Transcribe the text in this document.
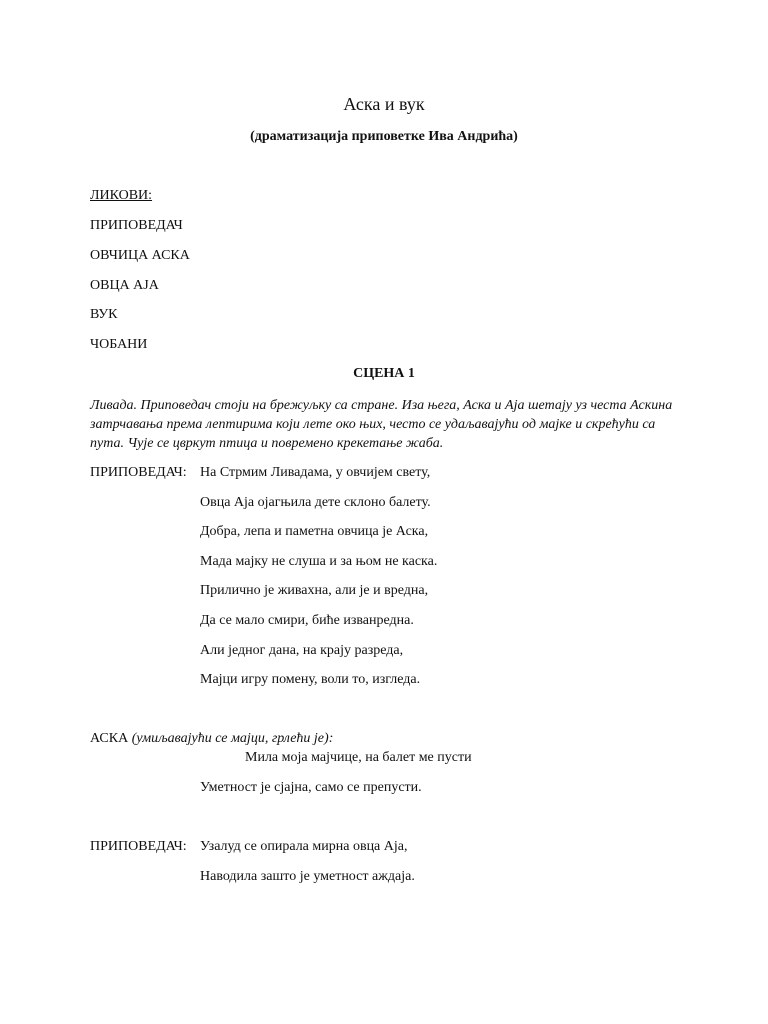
Аска и вук
(драматизација приповетке Ива Андрића)
ЛИКОВИ:
ПРИПОВЕДАЧ
ОВЧИЦА АСКА
ОВЦА АЈА
ВУК
ЧОБАНИ
СЦЕНА 1
Ливада. Приповедач стоји на брежуљку са стране. Иза њега, Аска и Аја шетају уз честа Аскина затрчавања према лептирима који лете око њих, често се удаљавајући од мајке и скрећући са пута. Чује се цвркут птица и повремено крекетање жаба.
ПРИПОВЕДАЧ: На Стрмим Ливадама, у овчијем свету,
Овца Аја ојагњила дете склоно балету.
Добра, лепа и паметна овчица је Аска,
Мада мајку не слуша и за њом не каска.
Прилично је живахна, али је и вредна,
Да се мало смири, биће изванредна.
Али једног дана, на крају разреда,
Мајци игру помену, воли то, изгледа.
АСКА (умиљавајући се мајци, грлећи је):
Мила моја мајчице, на балет ме пусти
Уметност је сјајна, само се препусти.
ПРИПОВЕДАЧ: Узалуд се опирала мирна овца Аја,
Наводила зашто је уметност аждаја.
